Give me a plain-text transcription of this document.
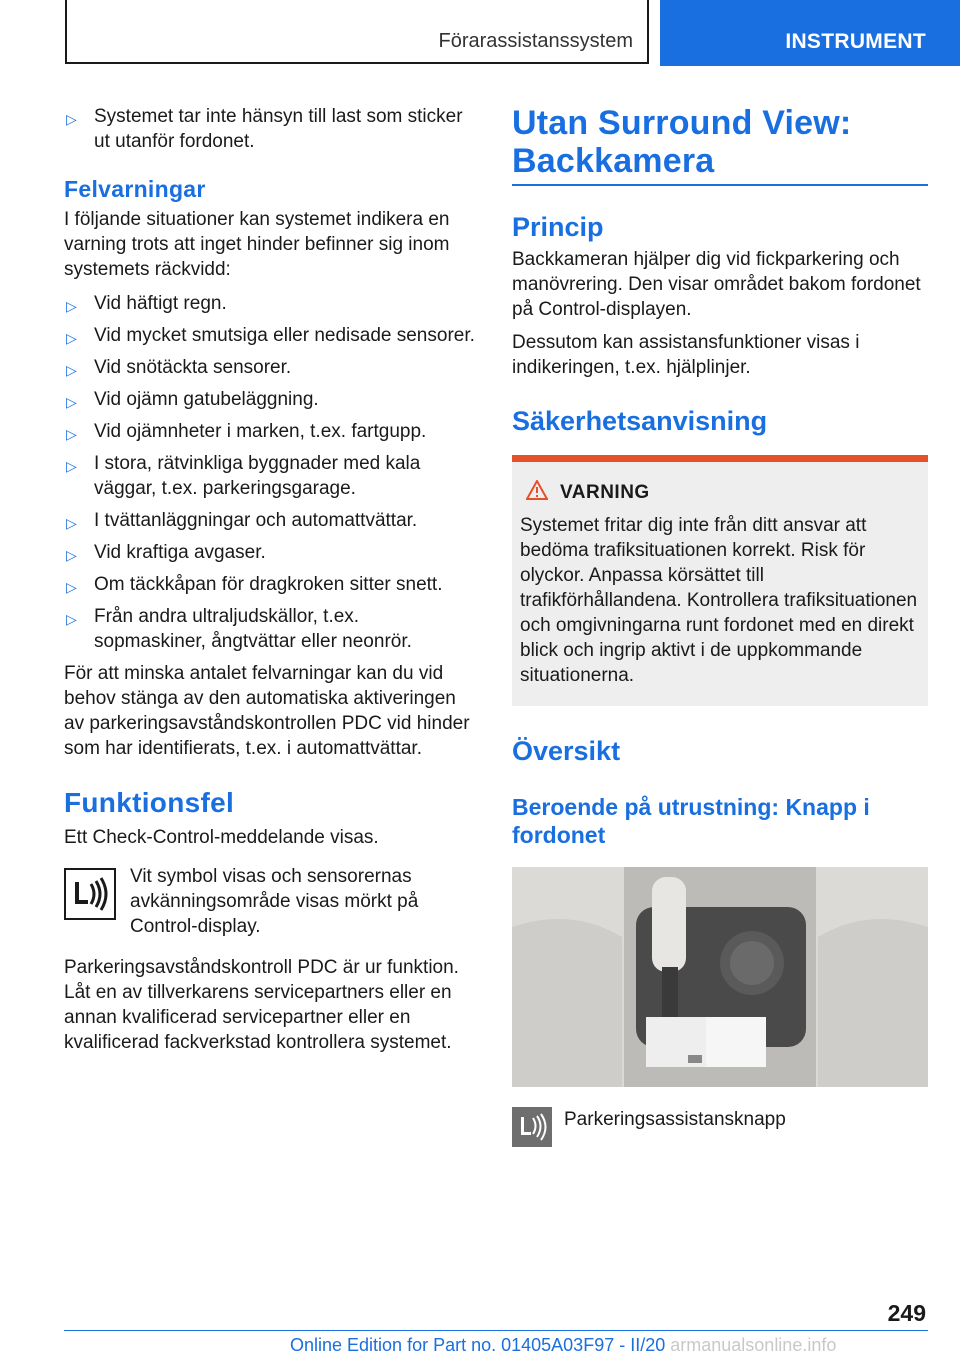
Förarassistanssystem	INSTRUMENT
▷ Systemet tar inte hänsyn till last som sticker ut utanför fordonet.
Felvarningar

I följande situationer kan systemet indikera en varning trots att inget hinder befinner sig inom systemets räckvidd:

▷ Vid häftigt regn.
▷ Vid mycket smutsiga eller nedisade sensorer.
▷ Vid snötäckta sensorer.
▷ Vid ojämn gatubeläggning.
▷ Vid ojämnheter i marken, t.ex. fartgupp.
▷ I stora, rätvinkliga byggnader med kala väggar, t.ex. parkeringsgarage.
▷ I tvättanläggningar och automattvättar.
▷ Vid kraftiga avgaser.
▷ Om täckkåpan för dragkroken sitter snett.
▷ Från andra ultraljudskällor, t.ex. sopmaskiner, ångtvättar eller neonrör.

För att minska antalet felvarningar kan du vid behov stänga av den automatiska aktiveringen av parkeringsavståndskontrollen PDC vid hinder som har identifierats, t.ex. i automattvättar.

Funktionsfel

Ett Check-Control-meddelande visas.

Vit symbol visas och sensorernas avkänningsområde visas mörkt på Control-display.

Parkeringsavståndskontroll PDC är ur funktion. Låt en av tillverkarens servicepartners eller en annan kvalificerad servicepartner eller en kvalificerad fackverkstad kontrollera systemet.

Utan Surround View: Backkamera
Princip

Backkameran hjälper dig vid fickparkering och manövrering. Den visar området bakom fordonet på Control-displayen.

Dessutom kan assistansfunktioner visas i indikeringen, t.ex. hjälplinjer.

Säkerhetsanvisning
VARNING

Systemet fritar dig inte från ditt ansvar att bedöma trafiksituationen korrekt. Risk för olyckor. Anpassa körsättet till trafikförhållandena. Kontrollera trafiksituationen och omgivningarna runt fordonet med en direkt blick och ingrip aktivt i de uppkommande situationerna.

Översikt
Beroende på utrustning: Knapp i fordonet

Parkeringsassistansknapp

249
Online Edition for Part no. 01405A03F97 - II/20 armanualsonline.info
